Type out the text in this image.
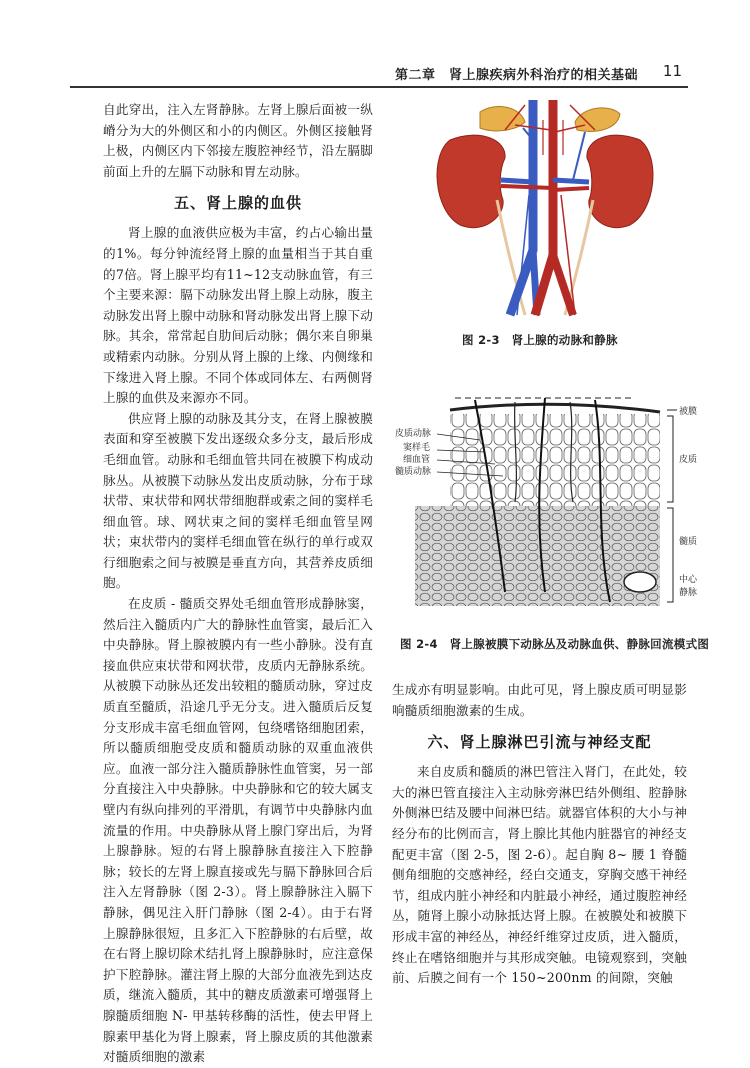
第二章　肾上腺疾病外科治疗的相关基础 11

自此穿出，注入左肾静脉。左肾上腺后面被一纵嵴分为大的外侧区和小的内侧区。外侧区接触肾上极，内侧区内下邻接左腹腔神经节，沿左膈脚前面上升的左膈下动脉和胃左动脉。

五、肾上腺的血供

肾上腺的血液供应极为丰富，约占心输出量的1%。每分钟流经肾上腺的血量相当于其自重的7倍。肾上腺平均有11~12支动脉血管，有三个主要来源：膈下动脉发出肾上腺上动脉，腹主动脉发出肾上腺中动脉和肾动脉发出肾上腺下动脉。其余，常常起自肋间后动脉；偶尔来自卵巢或精索内动脉。分别从肾上腺的上缘、内侧缘和下缘进入肾上腺。不同个体或同体左、右两侧肾上腺的血供及来源亦不同。

供应肾上腺的动脉及其分支，在肾上腺被膜表面和穿至被膜下发出逐级众多分支，最后形成毛细血管。动脉和毛细血管共同在被膜下构成动脉丛。从被膜下动脉丛发出皮质动脉，分布于球状带、束状带和网状带细胞群或索之间的窦样毛细血管。球、网状束之间的窦样毛细血管呈网状；束状带内的窦样毛细血管在纵行的单行或双行细胞索之间与被膜是垂直方向，其营养皮质细胞。

在皮质 - 髓质交界处毛细血管形成静脉窦，然后注入髓质内广大的静脉性血管窦，最后汇入中央静脉。肾上腺被膜内有一些小静脉。没有直接血供应束状带和网状带，皮质内无静脉系统。从被膜下动脉丛还发出较粗的髓质动脉，穿过皮质直至髓质，沿途几乎无分支。进入髓质后反复分支形成丰富毛细血管网，包绕嗜铬细胞团索，所以髓质细胞受皮质和髓质动脉的双重血液供应。血液一部分注入髓质静脉性血管窦，另一部分直接注入中央静脉。中央静脉和它的较大属支壁内有纵向排列的平滑肌，有调节中央静脉内血流量的作用。中央静脉从肾上腺门穿出后，为肾上腺静脉。短的右肾上腺静脉直接注入下腔静脉；较长的左肾上腺直接或先与膈下静脉回合后注入左肾静脉（图 2-3）。肾上腺静脉注入膈下静脉，偶见注入肝门静脉（图 2-4）。由于右肾上腺静脉很短，且多汇入下腔静脉的右后壁，故在右肾上腺切除术结扎肾上腺静脉时，应注意保护下腔静脉。灌注肾上腺的大部分血液先到达皮质，继流入髓质，其中的糖皮质激素可增强肾上腺髓质细胞 N- 甲基转移酶的活性，使去甲肾上腺素甲基化为肾上腺素，肾上腺皮质的其他激素对髓质细胞的激素

图 2-3　肾上腺的动脉和静脉
皮质动脉
窦样毛
细血管
髓质动脉
被膜
皮质
髓质
中心
静脉
图 2-4　肾上腺被膜下动脉丛及动脉血供、静脉回流模式图

生成亦有明显影响。由此可见，肾上腺皮质可明显影响髓质细胞激素的生成。

六、肾上腺淋巴引流与神经支配

来自皮质和髓质的淋巴管注入肾门，在此处，较大的淋巴管直接注入主动脉旁淋巴结外侧组、腔静脉外侧淋巴结及腰中间淋巴结。就器官体积的大小与神经分布的比例而言，肾上腺比其他内脏器官的神经支配更丰富（图 2-5，图 2-6）。起自胸 8~ 腰 1 脊髓侧角细胞的交感神经，经白交通支，穿胸交感干神经节，组成内脏小神经和内脏最小神经，通过腹腔神经丛，随肾上腺小动脉抵达肾上腺。在被膜处和被膜下形成丰富的神经丛，神经纤维穿过皮质，进入髓质，终止在嗜铬细胞并与其形成突触。电镜观察到，突触前、后膜之间有一个 150~200nm 的间隙，突触
